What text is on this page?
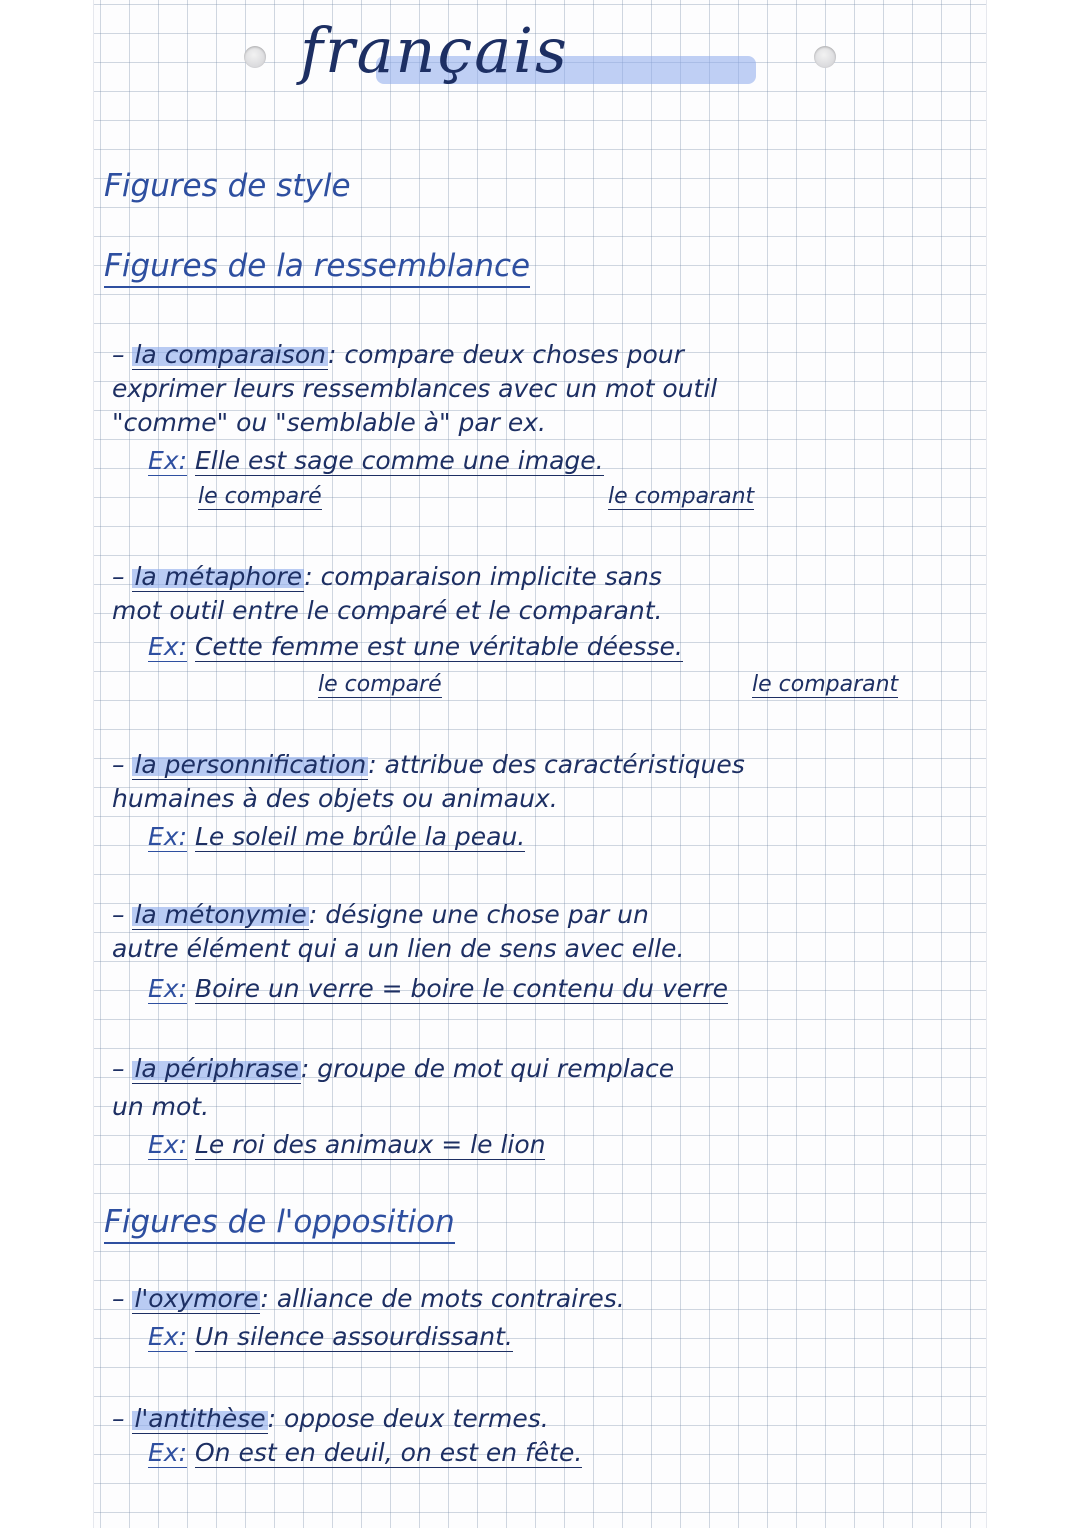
français
Figures de style
Figures de la ressemblance
– la comparaison: compare deux choses pour
exprimer leurs ressemblances avec un mot outil
"comme" ou "semblable à" par ex.
Ex: Elle est sage comme une image.
le comparé	le comparant
– la métaphore: comparaison implicite sans
mot outil entre le comparé et le comparant.
Ex: Cette femme est une véritable déesse.
le comparé	le comparant
– la personnification: attribue des caractéristiques
humaines à des objets ou animaux.
Ex: Le soleil me brûle la peau.
– la métonymie: désigne une chose par un
autre élément qui a un lien de sens avec elle.
Ex: Boire un verre = boire le contenu du verre
– la périphrase: groupe de mot qui remplace
un mot.
Ex: Le roi des animaux = le lion
Figures de l'opposition
– l'oxymore: alliance de mots contraires.
Ex: Un silence assourdissant.
– l'antithèse: oppose deux termes.
Ex: On est en deuil, on est en fête.
